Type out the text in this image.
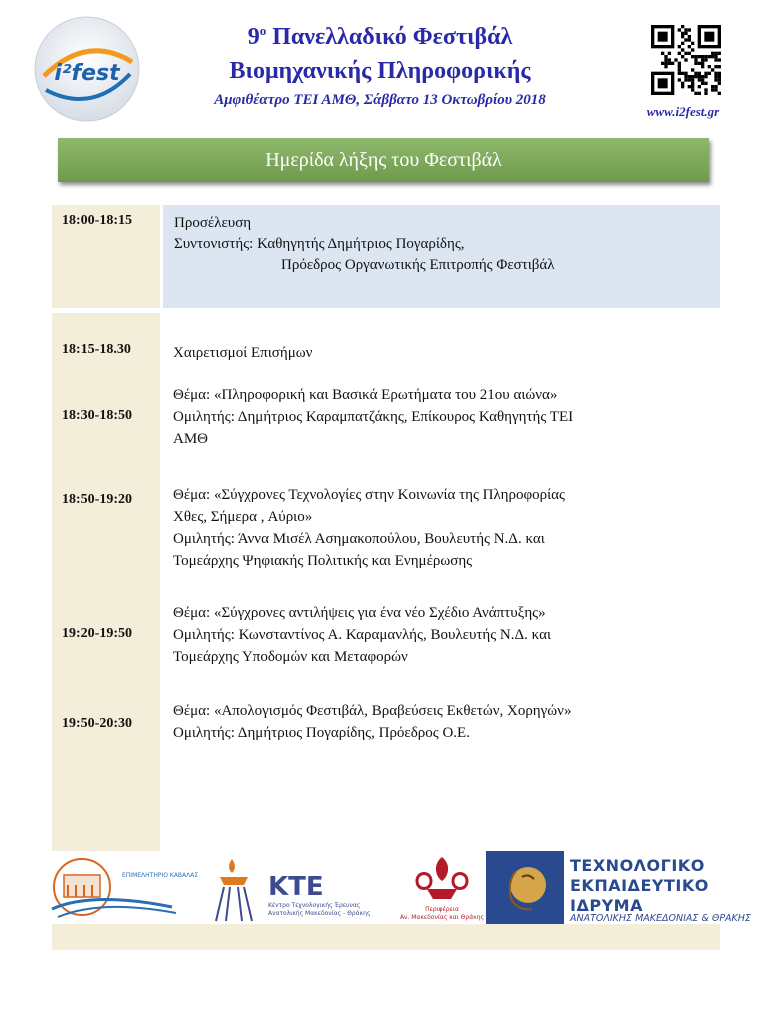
i²fest
$9^o$ Πανελλαδικό Φεστιβάλ
Βιομηχανικής Πληροφορικής
Αμφιθέατρο ΤΕΙ ΑΜΘ, Σάββατο 13 Οκτωβρίου 2018
www.i2fest.gr
Ημερίδα λήξης του Φεστιβάλ
18:00-18:15	Προσέλευση
Συντονιστής: Καθηγητής Δημήτριος Πογαρίδης,
Πρόεδρος Οργανωτικής Επιτροπής Φεστιβάλ
18:15-18.30
18:30-18:50
18:50-19:20
19:20-19:50
19:50-20:30
Χαιρετισμοί Επισήμων
Θέμα: «Πληροφορική και Βασικά Ερωτήματα του 21ου αιώνα»
Ομιλητής: Δημήτριος Καραμπατζάκης, Επίκουρος Καθηγητής ΤΕΙ
ΑΜΘ
Θέμα: «Σύγχρονες Τεχνολογίες στην Κοινωνία της Πληροφορίας
Χθες, Σήμερα , Αύριο»
Ομιλητής: Άννα Μισέλ Ασημακοπούλου, Βουλευτής Ν.Δ. και
Τομεάρχης Ψηφιακής Πολιτικής και Ενημέρωσης
Θέμα: «Σύγχρονες αντιλήψεις για ένα νέο Σχέδιο Ανάπτυξης»
Ομιλητής: Κωνσταντίνος Α. Καραμανλής, Βουλευτής Ν.Δ. και
Τομεάρχης Υποδομών και Μεταφορών
Θέμα: «Απολογισμός Φεστιβάλ, Βραβεύσεις Εκθετών, Χορηγών»
Ομιλητής: Δημήτριος Πογαρίδης, Πρόεδρος Ο.Ε.
ΕΠΙΜΕΛΗΤΗΡΙΟ ΚΑΒΑΛΑΣ	ΚΤΕ
Κέντρο Τεχνολογικής Έρευνας
Ανατολικής Μακεδονίας - Θράκης
Περιφέρεια
Αν. Μακεδονίας και Θράκης
ΤΕΧΝΟΛΟΓΙΚΟ
ΕΚΠΑΙΔΕΥΤΙΚΟ
ΙΔΡΥΜΑ
ΑΝΑΤΟΛΙΚΗΣ ΜΑΚΕΔΟΝΙΑΣ & ΘΡΑΚΗΣ
